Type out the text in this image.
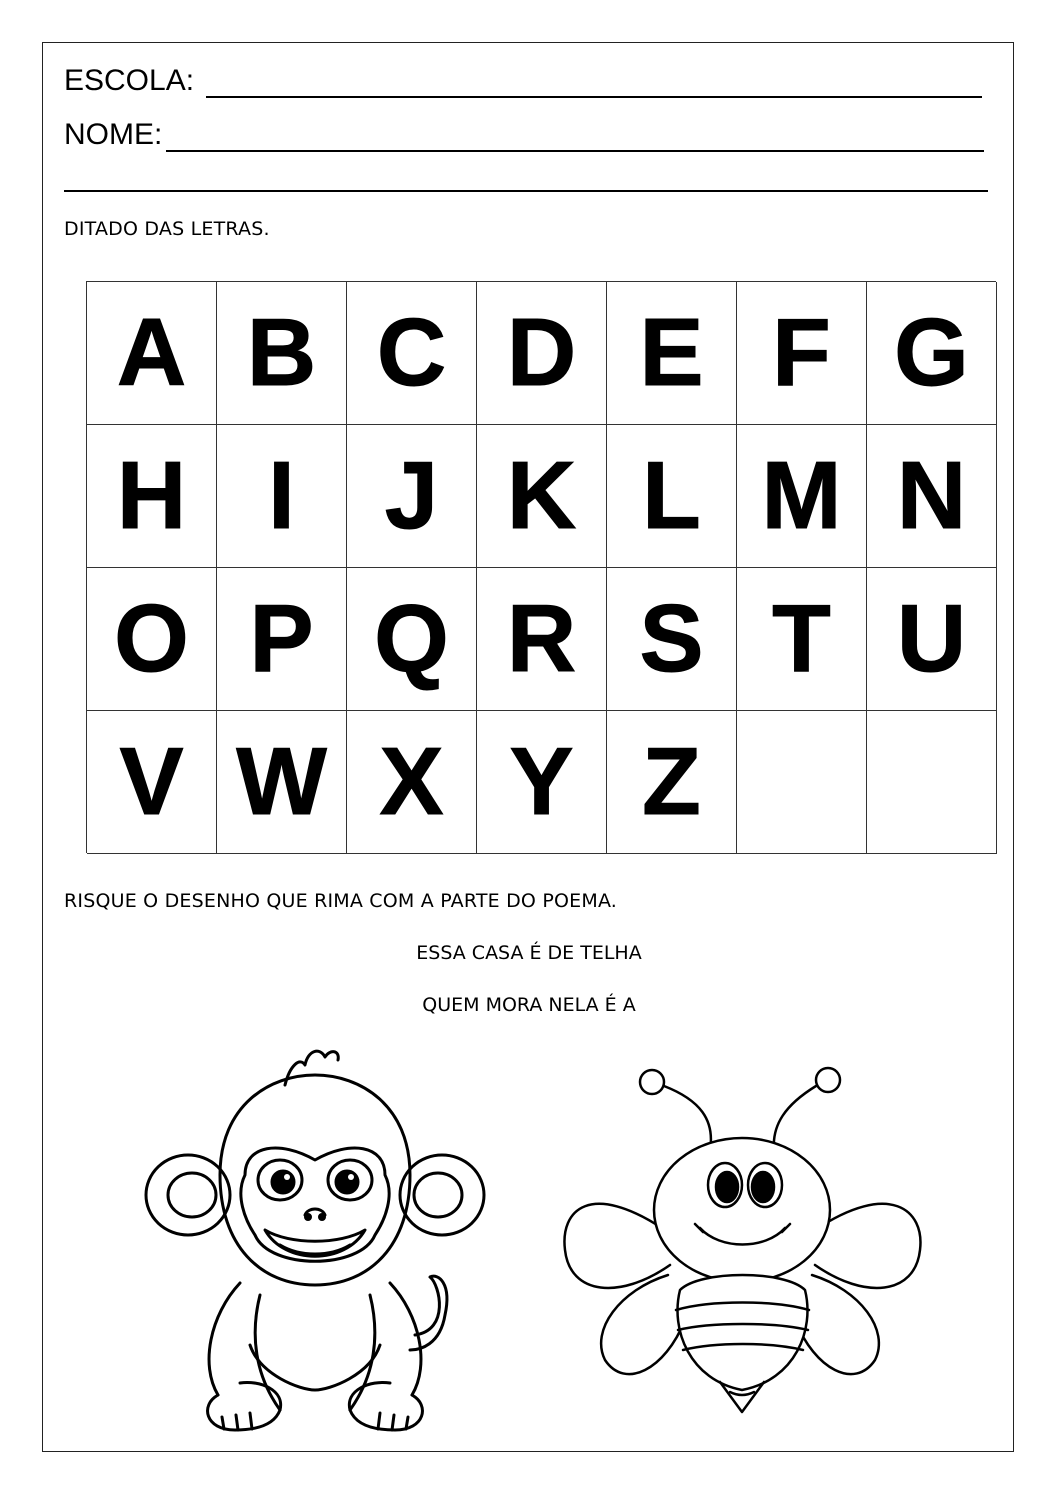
ESCOLA:
NOME:
DITADO DAS LETRAS.
A B C D E F G
H I J K L M N
O P Q R S T U
V W X Y Z
RISQUE O DESENHO QUE RIMA COM A PARTE DO POEMA.
ESSA CASA É DE TELHA
QUEM MORA NELA É A
